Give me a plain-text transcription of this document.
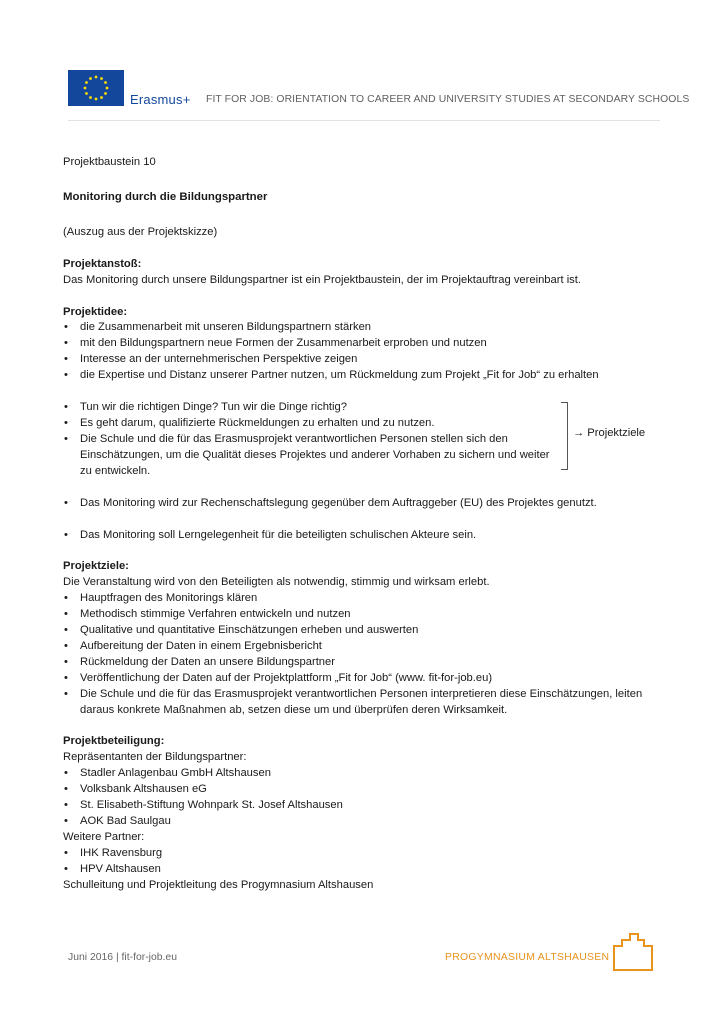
Erasmus+ FIT FOR JOB: ORIENTATION TO CAREER AND UNIVERSITY STUDIES AT SECONDARY SCHOOLS

Projektbaustein 10

Monitoring durch die Bildungspartner

(Auszug aus der Projektskizze)

Projektanstoß:

Das Monitoring durch unsere Bildungspartner ist ein Projektbaustein, der im Projektauftrag vereinbart ist.

Projektidee:

• die Zusammenarbeit mit unseren Bildungspartnern stärken
• mit den Bildungspartnern neue Formen der Zusammenarbeit erproben und nutzen
• Interesse an der unternehmerischen Perspektive zeigen
• die Expertise und Distanz unserer Partner nutzen, um Rückmeldung zum Projekt „Fit for Job“ zu erhalten
• Tun wir die richtigen Dinge? Tun wir die Dinge richtig?
• Es geht darum, qualifizierte Rückmeldungen zu erhalten und zu nutzen.
• Die Schule und die für das Erasmusprojekt verantwortlichen Personen stellen sich den Einschätzungen, um die Qualität dieses Projektes und anderer Vorhaben zu sichern und weiter zu entwickeln.
→ Projektziele
• Das Monitoring wird zur Rechenschaftslegung gegenüber dem Auftraggeber (EU) des Projektes genutzt.
• Das Monitoring soll Lerngelegenheit für die beteiligten schulischen Akteure sein.

Projektziele:

Die Veranstaltung wird von den Beteiligten als notwendig, stimmig und wirksam erlebt.

• Hauptfragen des Monitorings klären
• Methodisch stimmige Verfahren entwickeln und nutzen
• Qualitative und quantitative Einschätzungen erheben und auswerten
• Aufbereitung der Daten in einem Ergebnisbericht
• Rückmeldung der Daten an unsere Bildungspartner
• Veröffentlichung der Daten auf der Projektplattform „Fit for Job“ (www. fit-for-job.eu)
• Die Schule und die für das Erasmusprojekt verantwortlichen Personen interpretieren diese Einschätzungen, leiten daraus konkrete Maßnahmen ab, setzen diese um und überprüfen deren Wirksamkeit.

Projektbeteiligung:

Repräsentanten der Bildungspartner:

• Stadler Anlagenbau GmbH Altshausen
• Volksbank Altshausen eG
• St. Elisabeth-Stiftung Wohnpark St. Josef Altshausen
• AOK Bad Saulgau

Weitere Partner:

• IHK Ravensburg
• HPV Altshausen

Schulleitung und Projektleitung des Progymnasium Altshausen

Juni 2016 | fit-for-job.eu	PROGYMNASIUM ALTSHAUSEN
